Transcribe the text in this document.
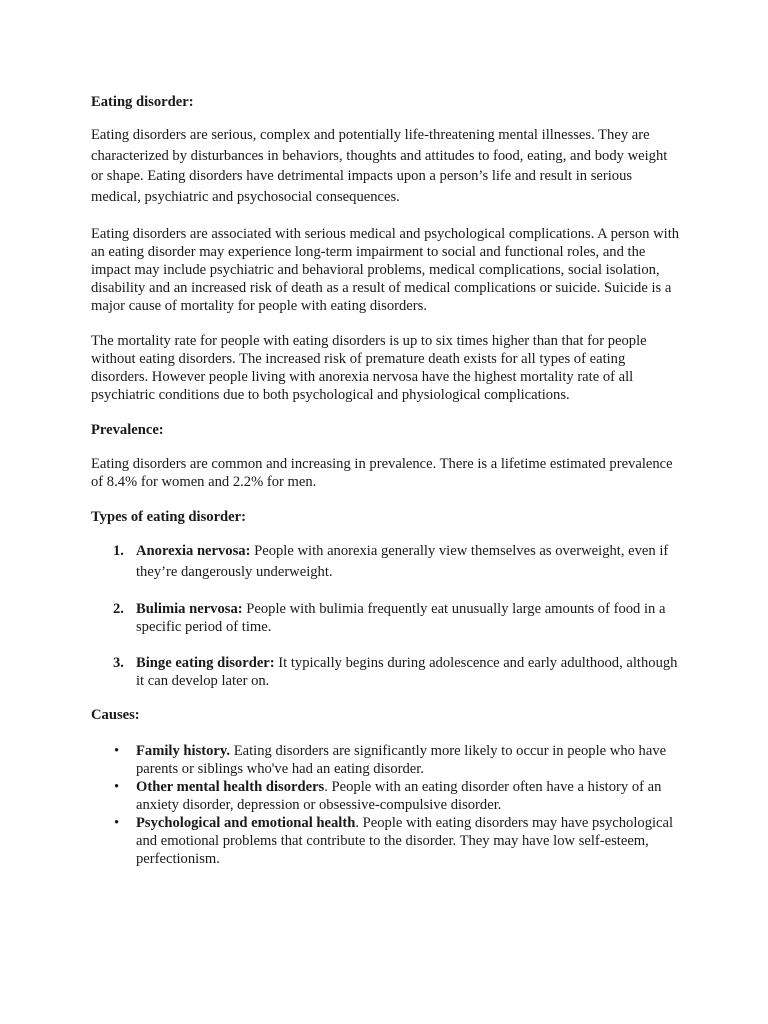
Eating disorder:

Eating disorders are serious, complex and potentially life-threatening mental illnesses. They are characterized by disturbances in behaviors, thoughts and attitudes to food, eating, and body weight or shape. Eating disorders have detrimental impacts upon a person’s life and result in serious medical, psychiatric and psychosocial consequences.

Eating disorders are associated with serious medical and psychological complications. A person with an eating disorder may experience long-term impairment to social and functional roles, and the impact may include psychiatric and behavioral problems, medical complications, social isolation, disability and an increased risk of death as a result of medical complications or suicide. Suicide is a major cause of mortality for people with eating disorders.

The mortality rate for people with eating disorders is up to six times higher than that for people without eating disorders. The increased risk of premature death exists for all types of eating disorders. However people living with anorexia nervosa have the highest mortality rate of all psychiatric conditions due to both psychological and physiological complications.

Prevalence:

Eating disorders are common and increasing in prevalence. There is a lifetime estimated prevalence of 8.4% for women and 2.2% for men.

Types of eating disorder:

1. Anorexia nervosa: People with anorexia generally view themselves as overweight, even if they’re dangerously underweight.
2. Bulimia nervosa: People with bulimia frequently eat unusually large amounts of food in a specific period of time.
3. Binge eating disorder: It typically begins during adolescence and early adulthood, although it can develop later on.

Causes:

• Family history. Eating disorders are significantly more likely to occur in people who have parents or siblings who've had an eating disorder.
• Other mental health disorders. People with an eating disorder often have a history of an anxiety disorder, depression or obsessive-compulsive disorder.
• Psychological and emotional health. People with eating disorders may have psychological and emotional problems that contribute to the disorder. They may have low self-esteem, perfectionism.
